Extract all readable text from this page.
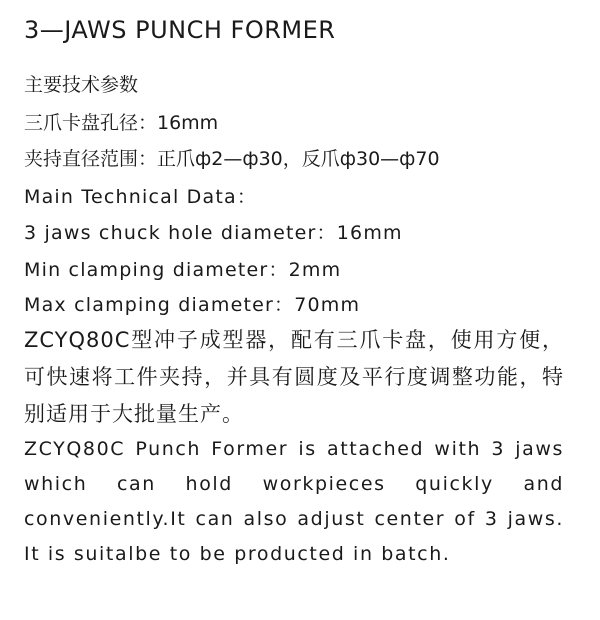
3—JAWS PUNCH FORMER
主要技术参数
三爪卡盘孔径：16mm
夹持直径范围：正爪ф2—ф30，反爪ф30—ф70
Main Technical Data：
3 jaws chuck hole diameter：16mm
Min clamping diameter：2mm
Max clamping diameter：70mm
ZCYQ80C型冲子成型器，配有三爪卡盘，使用方便，可快速将工件夹持，并具有圆度及平行度调整功能，特别适用于大批量生产。
ZCYQ80C Punch Former is attached with 3 jaws which can hold workpieces quickly and conveniently.It can also adjust center of 3 jaws. It is suitalbe to be producted in batch.
